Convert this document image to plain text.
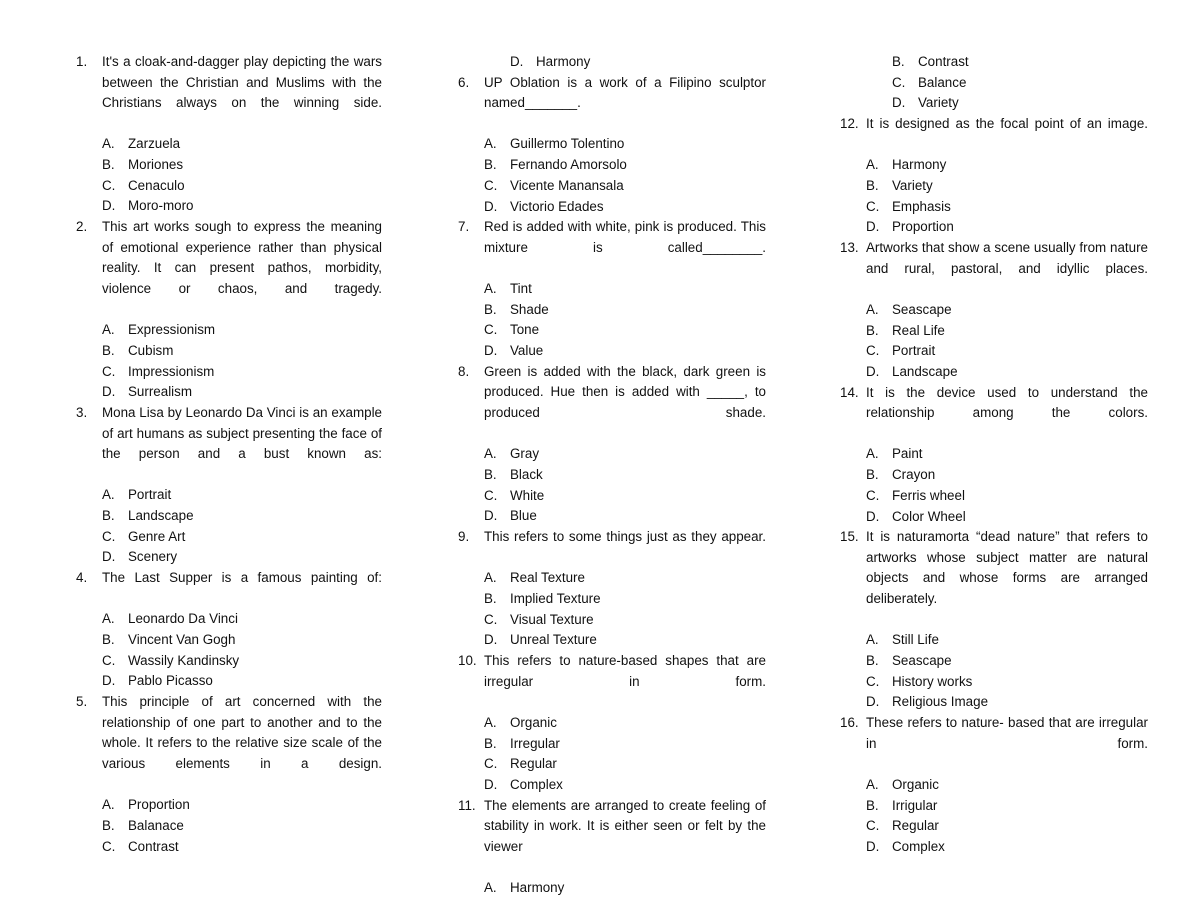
1.	It's a cloak-and-dagger play depicting the wars between the Christian and Muslims with the Christians always on the winning side.
A. Zarzuela
B. Moriones
C. Cenaculo
D. Moro-moro
2.	This art works sough to express the meaning of emotional experience rather than physical reality. It can present pathos, morbidity, violence or chaos, and tragedy.
A. Expressionism
B. Cubism
C. Impressionism
D. Surrealism
3.	Mona Lisa by Leonardo Da Vinci is an example of art humans as subject presenting the face of the person and a bust known as:
A. Portrait
B. Landscape
C. Genre Art
D. Scenery
4.	The Last Supper is a famous painting of:
A. Leonardo Da Vinci
B. Vincent Van Gogh
C. Wassily Kandinsky
D. Pablo Picasso
5.	This principle of art concerned with the relationship of one part to another and to the whole. It refers to the relative size scale of the various elements in a design.
A. Proportion
B. Balanace
C. Contrast
D. Harmony
6.	UP Oblation is a work of a Filipino sculptor named_______.
A. Guillermo Tolentino
B. Fernando Amorsolo
C. Vicente Manansala
D. Victorio Edades
7.	Red is added with white, pink is produced. This mixture is called________.
A. Tint
B. Shade
C. Tone
D. Value
8.	Green is added with the black, dark green is produced. Hue then is added with _____, to produced shade.
A. Gray
B. Black
C. White
D. Blue
9.	This refers to some things just as they appear.
A. Real Texture
B. Implied Texture
C. Visual Texture
D. Unreal Texture
10. This refers to nature-based shapes that are irregular in form.
A. Organic
B. Irregular
C. Regular
D. Complex
11. The elements are arranged to create feeling of stability in work. It is either seen or felt by the viewer
A. Harmony
B. Contrast
C. Balance
D. Variety
12. It is designed as the focal point of an image.
A. Harmony
B. Variety
C. Emphasis
D. Proportion
13. Artworks that show a scene usually from nature and rural, pastoral, and idyllic places.
A. Seascape
B. Real Life
C. Portrait
D. Landscape
14. It is the device used to understand the relationship among the colors.
A. Paint
B. Crayon
C. Ferris wheel
D. Color Wheel
15. It is naturamorta “dead nature” that refers to artworks whose subject matter are natural objects and whose forms are arranged deliberately.
A. Still Life
B. Seascape
C. History works
D. Religious Image
16. These refers to nature- based that are irregular in form.
A. Organic
B. Irrigular
C. Regular
D. Complex
